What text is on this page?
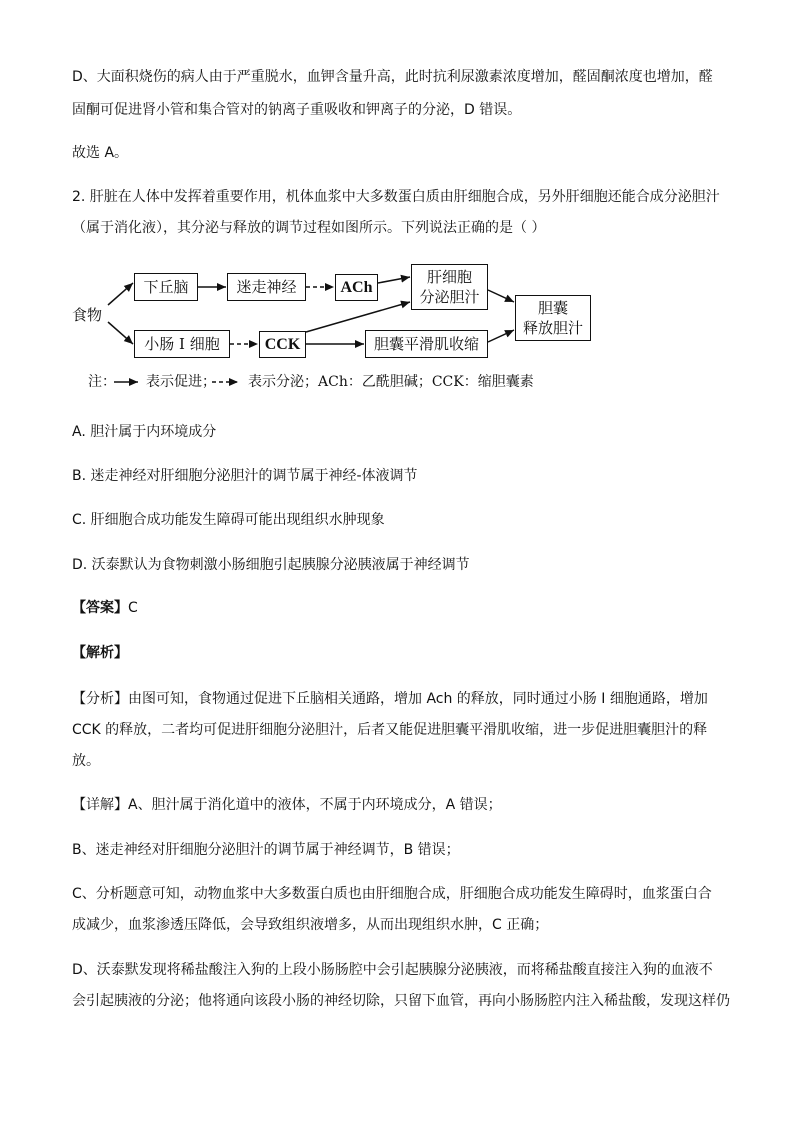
D、大面积烧伤的病人由于严重脱水，血钾含量升高，此时抗利尿激素浓度增加，醛固酮浓度也增加，醛
固酮可促进肾小管和集合管对的钠离子重吸收和钾离子的分泌，D 错误。
故选 A。
2. 肝脏在人体中发挥着重要作用，机体血浆中大多数蛋白质由肝细胞合成，另外肝细胞还能合成分泌胆汁
（属于消化液），其分泌与释放的调节过程如图所示。下列说法正确的是（ ）
食物
下丘脑	迷走神经	ACh
肝细胞
分泌胆汁
胆囊
释放胆汁
小肠 I 细胞	CCK	胆囊平滑肌收缩
注： 表示促进； 表示分泌；ACh：乙酰胆碱；CCK：缩胆囊素
A. 胆汁属于内环境成分
B. 迷走神经对肝细胞分泌胆汁的调节属于神经-体液调节
C. 肝细胞合成功能发生障碍可能出现组织水肿现象
D. 沃泰默认为食物刺激小肠细胞引起胰腺分泌胰液属于神经调节
【答案】C
【解析】
【分析】由图可知，食物通过促进下丘脑相关通路，增加 Ach 的释放，同时通过小肠 I 细胞通路，增加
CCK 的释放，二者均可促进肝细胞分泌胆汁，后者又能促进胆囊平滑肌收缩，进一步促进胆囊胆汁的释
放。
【详解】A、胆汁属于消化道中的液体，不属于内环境成分，A 错误；
B、迷走神经对肝细胞分泌胆汁的调节属于神经调节，B 错误；
C、分析题意可知，动物血浆中大多数蛋白质也由肝细胞合成，肝细胞合成功能发生障碍时，血浆蛋白合
成减少，血浆渗透压降低，会导致组织液增多，从而出现组织水肿，C 正确；
D、沃泰默发现将稀盐酸注入狗的上段小肠肠腔中会引起胰腺分泌胰液，而将稀盐酸直接注入狗的血液不
会引起胰液的分泌；他将通向该段小肠的神经切除，只留下血管，再向小肠肠腔内注入稀盐酸，发现这样仍
